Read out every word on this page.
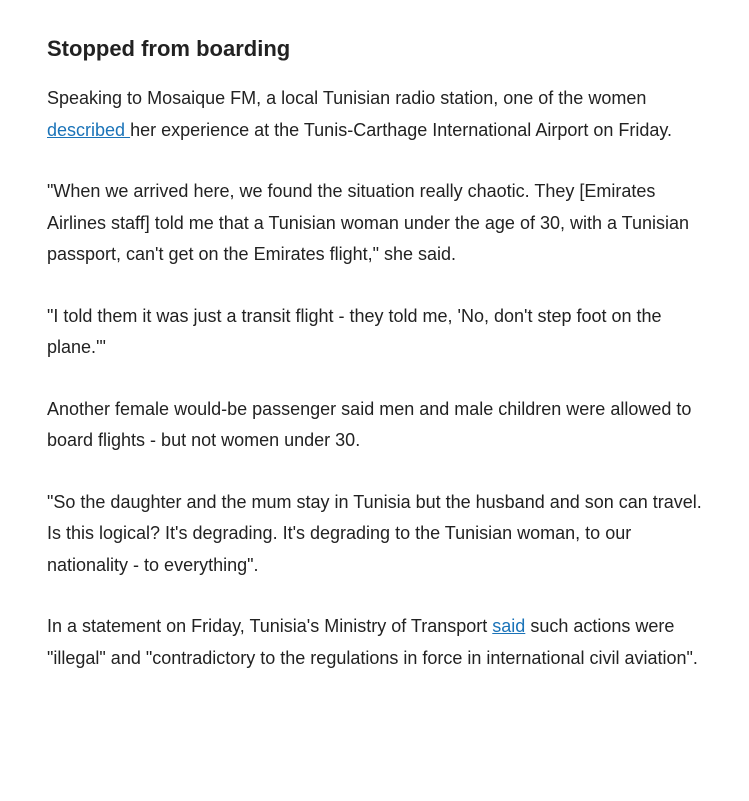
Stopped from boarding

Speaking to Mosaique FM, a local Tunisian radio station, one of the women described her experience at the Tunis-Carthage International Airport on Friday.

"When we arrived here, we found the situation really chaotic. They [Emirates Airlines staff] told me that a Tunisian woman under the age of 30, with a Tunisian passport, can't get on the Emirates flight," she said.

"I told them it was just a transit flight - they told me, 'No, don't step foot on the plane.'"

Another female would-be passenger said men and male children were allowed to board flights - but not women under 30.

"So the daughter and the mum stay in Tunisia but the husband and son can travel. Is this logical? It's degrading. It's degrading to the Tunisian woman, to our nationality - to everything".

In a statement on Friday, Tunisia's Ministry of Transport said such actions were "illegal" and "contradictory to the regulations in force in international civil aviation".
